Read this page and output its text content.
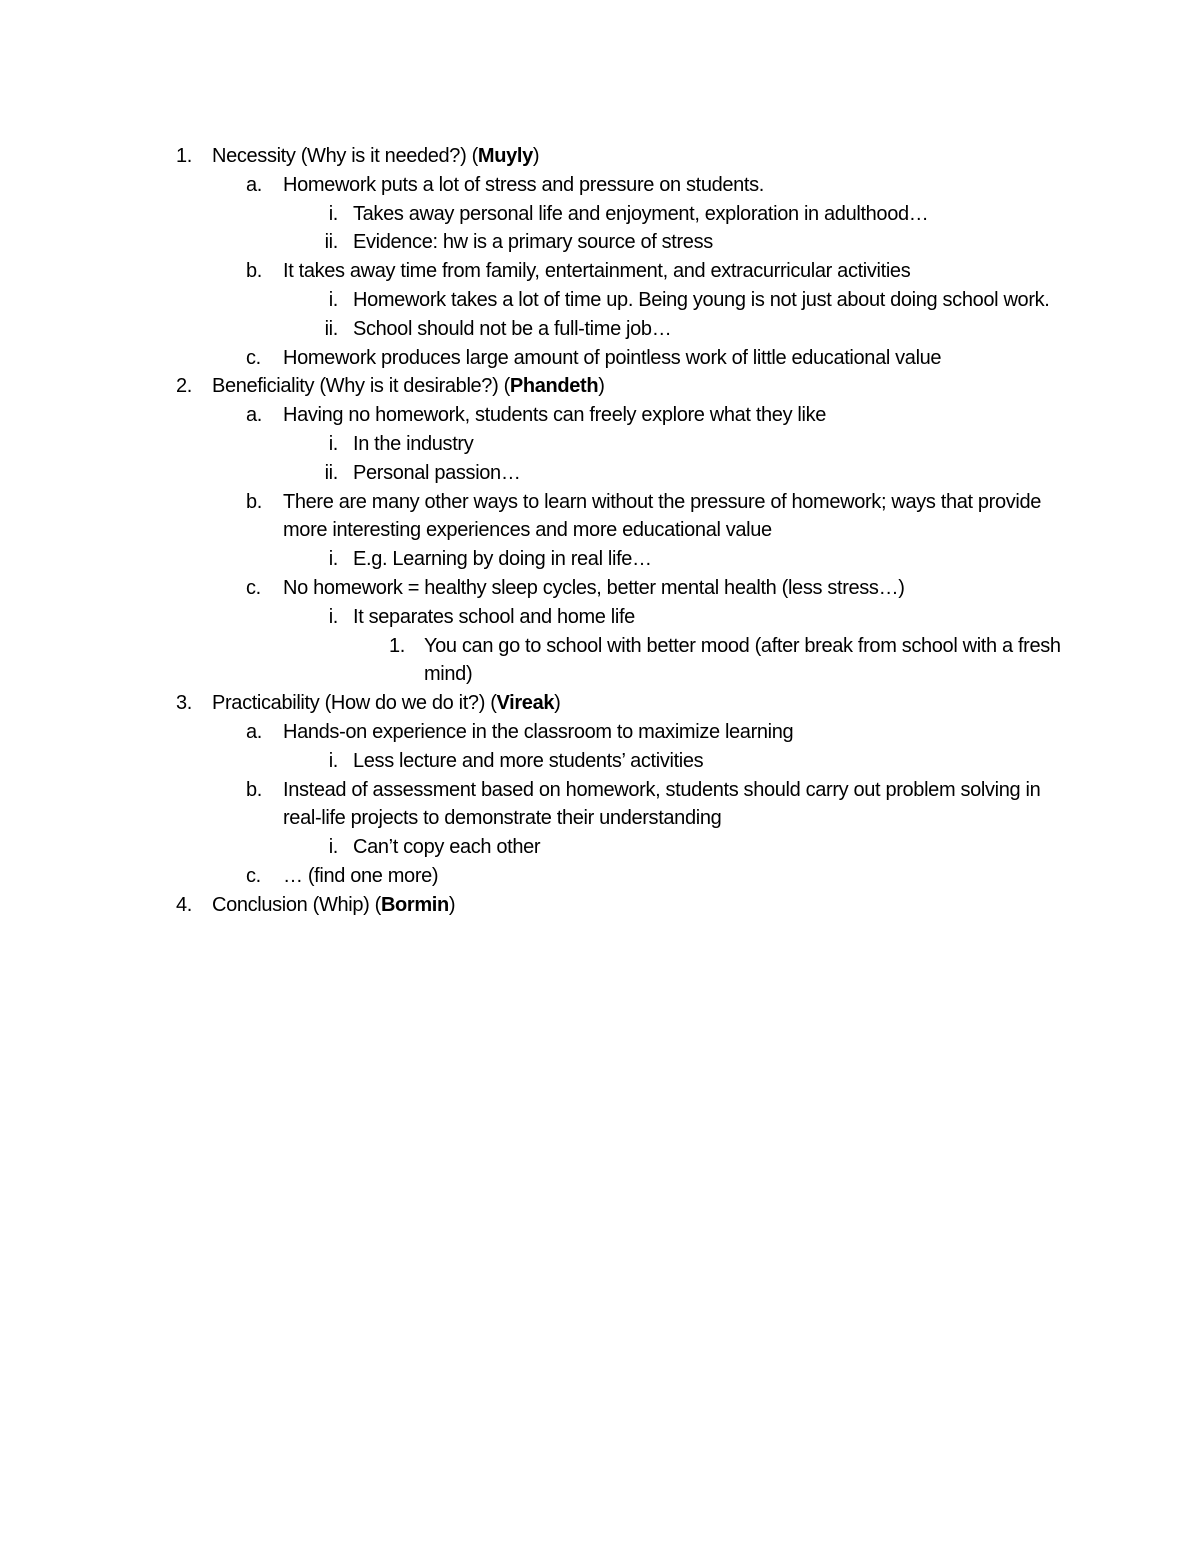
1. Necessity (Why is it needed?) (Muyly)
a. Homework puts a lot of stress and pressure on students.
i. Takes away personal life and enjoyment, exploration in adulthood…
ii. Evidence: hw is a primary source of stress
b. It takes away time from family, entertainment, and extracurricular activities
i. Homework takes a lot of time up. Being young is not just about doing school work.
ii. School should not be a full-time job…
c. Homework produces large amount of pointless work of little educational value
2. Beneficiality (Why is it desirable?) (Phandeth)
a. Having no homework, students can freely explore what they like
i. In the industry
ii. Personal passion…
b. There are many other ways to learn without the pressure of homework; ways that provide more interesting experiences and more educational value
i. E.g. Learning by doing in real life…
c. No homework = healthy sleep cycles, better mental health (less stress…)
i. It separates school and home life
1. You can go to school with better mood (after break from school with a fresh mind)
3. Practicability (How do we do it?) (Vireak)
a. Hands-on experience in the classroom to maximize learning
i. Less lecture and more students’ activities
b. Instead of assessment based on homework, students should carry out problem solving in real-life projects to demonstrate their understanding
i. Can’t copy each other
c. … (find one more)
4. Conclusion (Whip) (Bormin)
